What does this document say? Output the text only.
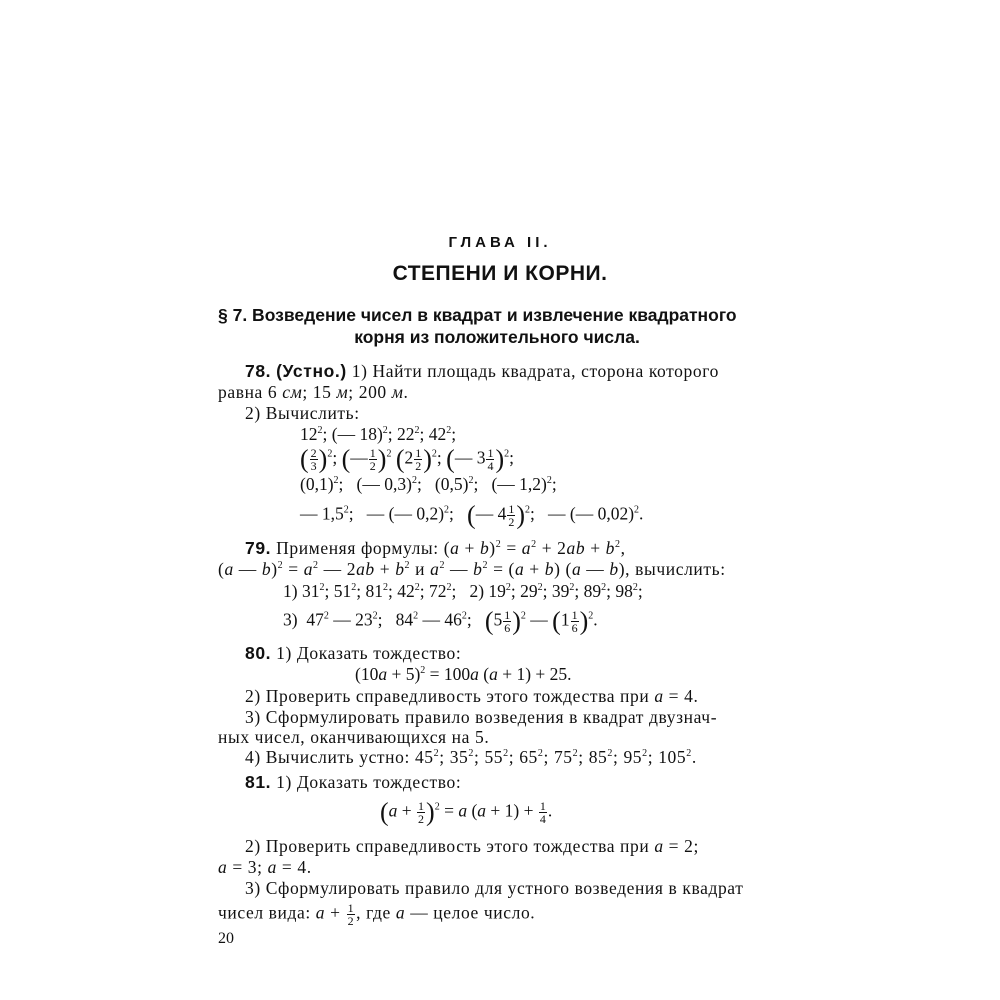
ГЛАВА II.
СТЕПЕНИ И КОРНИ.
§ 7. Возведение чисел в квадрат и извлечение квадратного
корня из положительного числа.
78. (Устно.) 1) Найти площадь квадрата, сторона которого
равна 6 см; 15 м; 200 м.
2) Вычислить:
$12^2$; (— 18)$^2$; $22^2$; $42^2$;
( $\frac{2}{3} )^2$; (— $\frac{1}{2} )^2$ $(2 \frac{1}{2} )^2$; (— $3 \frac{1}{4} )^2$;
$(0,1)^2$;   (— 0,3)$^2$;   $(0,5)^2$;   (— 1,2)$^2$;
— $1,5^2$;   — (— 0,2)$^2$;   (— $4 \frac{1}{2} )^2$;   — (— 0,02)$^2$.
79. Применяя формулы: $(a + b)^2 = a^2 + 2ab + b^2$,
(a — $b)^2 = a^2$ — $2ab + b^2$ и $a^2$ — $b^2 = (a + b)$ (a — b), вычислить:
1) $31^2$; $51^2$; $81^2$; $42^2$; $72^2$;   2) $19^2$; $29^2$; $39^2$; $89^2$; $98^2$;
3)  $47^2$ — $23^2$;   $84^2$ — $46^2$;   $(5 \frac{1}{6} )^2$ — $(1 \frac{1}{6} )^2$.
80. 1) Доказать тождество:
$(10a + 5)^2 = 100a$ (a + 1) + 25.
2) Проверить справедливость этого тождества при a = 4.
3) Сформулировать правило возведения в квадрат двузнач-
ных чисел, оканчивающихся на 5.
4) Вычислить устно: $45^2$; $35^2$; $55^2$; $65^2$; $75^2$; $85^2$; $95^2$; $105^2$.
81. 1) Доказать тождество:
$(a + \frac{1}{2} )^2 = a$ $(a + 1) + \frac{1}{4}$ .
2) Проверить справедливость этого тождества при a = 2;
a = 3; a = 4.
3) Сформулировать правило для устного возведения в квадрат
чисел вида: $a + \frac{1}{2}$ , где a — целое число.
20
